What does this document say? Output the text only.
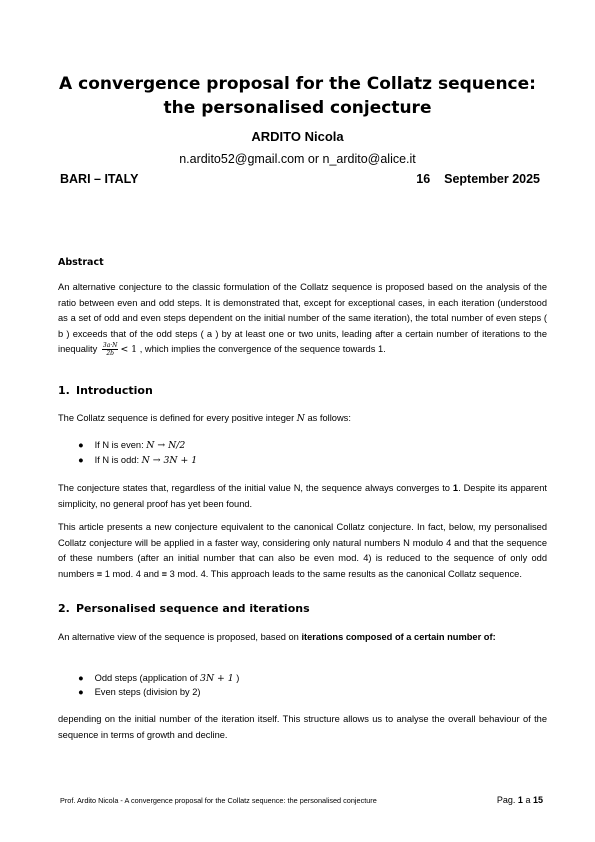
A convergence proposal for the Collatz sequence:
the personalised conjecture
ARDITO Nicola
n.ardito52@gmail.com or n_ardito@alice.it
BARI – ITALY	16 September 2025
Abstract
An alternative conjecture to the classic formulation of the Collatz sequence is proposed based on the analysis of the ratio between even and odd steps. It is demonstrated that, except for exceptional cases, in each iteration (understood as a set of odd and even steps dependent on the initial number of the same iteration), the total number of even steps ( b ) exceeds that of the odd steps ( a ) by at least one or two units, leading after a certain number of iterations to the inequality $\frac{3a\cdot N}{2b} < 1$ , which implies the convergence of the sequence towards 1.
1. Introduction
The Collatz sequence is defined for every positive integer N as follows:
● If N is even: N → N/2
● If N is odd: N → 3N + 1
The conjecture states that, regardless of the initial value N, the sequence always converges to 1. Despite its apparent simplicity, no general proof has yet been found.
This article presents a new conjecture equivalent to the canonical Collatz conjecture. In fact, below, my personalised Collatz conjecture will be applied in a faster way, considering only natural numbers N modulo 4 and that the sequence of these numbers (after an initial number that can also be even mod. 4) is reduced to the sequence of only odd numbers ≡ 1 mod. 4 and ≡ 3 mod. 4. This approach leads to the same results as the canonical Collatz sequence.
2. Personalised sequence and iterations
An alternative view of the sequence is proposed, based on iterations composed of a certain number of:
● Odd steps (application of 3N + 1 )
● Even steps (division by 2)
depending on the initial number of the iteration itself. This structure allows us to analyse the overall behaviour of the sequence in terms of growth and decline.
Prof. Ardito Nicola - A convergence proposal for the Collatz sequence: the personalised conjecture	Pag. 1 a 15
